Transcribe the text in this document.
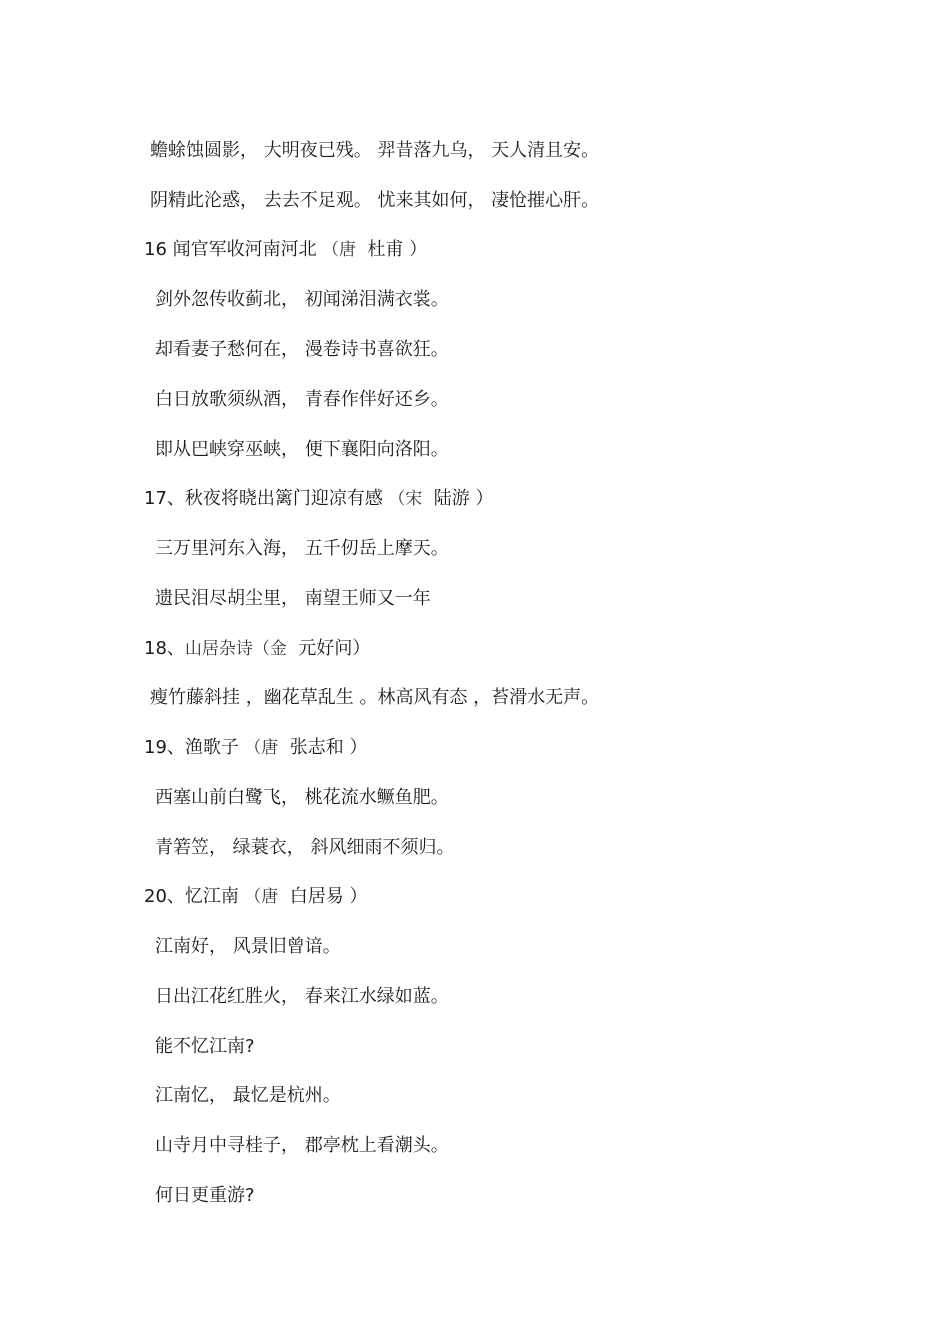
蟾蜍蚀圆影， 大明夜已残。 羿昔落九乌， 天人清且安。
阴精此沦惑， 去去不足观。 忧来其如何， 凄怆摧心肝。
16 闻官军收河南河北 （唐  杜甫 ）
剑外忽传收蓟北， 初闻涕泪满衣裳。
却看妻子愁何在， 漫卷诗书喜欲狂。
白日放歌须纵酒， 青春作伴好还乡。
即从巴峡穿巫峡， 便下襄阳向洛阳。
17、秋夜将晓出篱门迎凉有感 （宋  陆游 ）
三万里河东入海， 五千仞岳上摩天。
遗民泪尽胡尘里， 南望王师又一年
18、山居杂诗（金  元好问）
瘦竹藤斜挂 ，幽花草乱生 。林高风有态 ，苔滑水无声。
19、渔歌子 （唐  张志和 ）
西塞山前白鹭飞， 桃花流水鳜鱼肥。
青箬笠， 绿蓑衣， 斜风细雨不须归。
20、忆江南 （唐  白居易 ）
江南好， 风景旧曾谙。
日出江花红胜火， 春来江水绿如蓝。
能不忆江南?
江南忆， 最忆是杭州。
山寺月中寻桂子， 郡亭枕上看潮头。
何日更重游?
